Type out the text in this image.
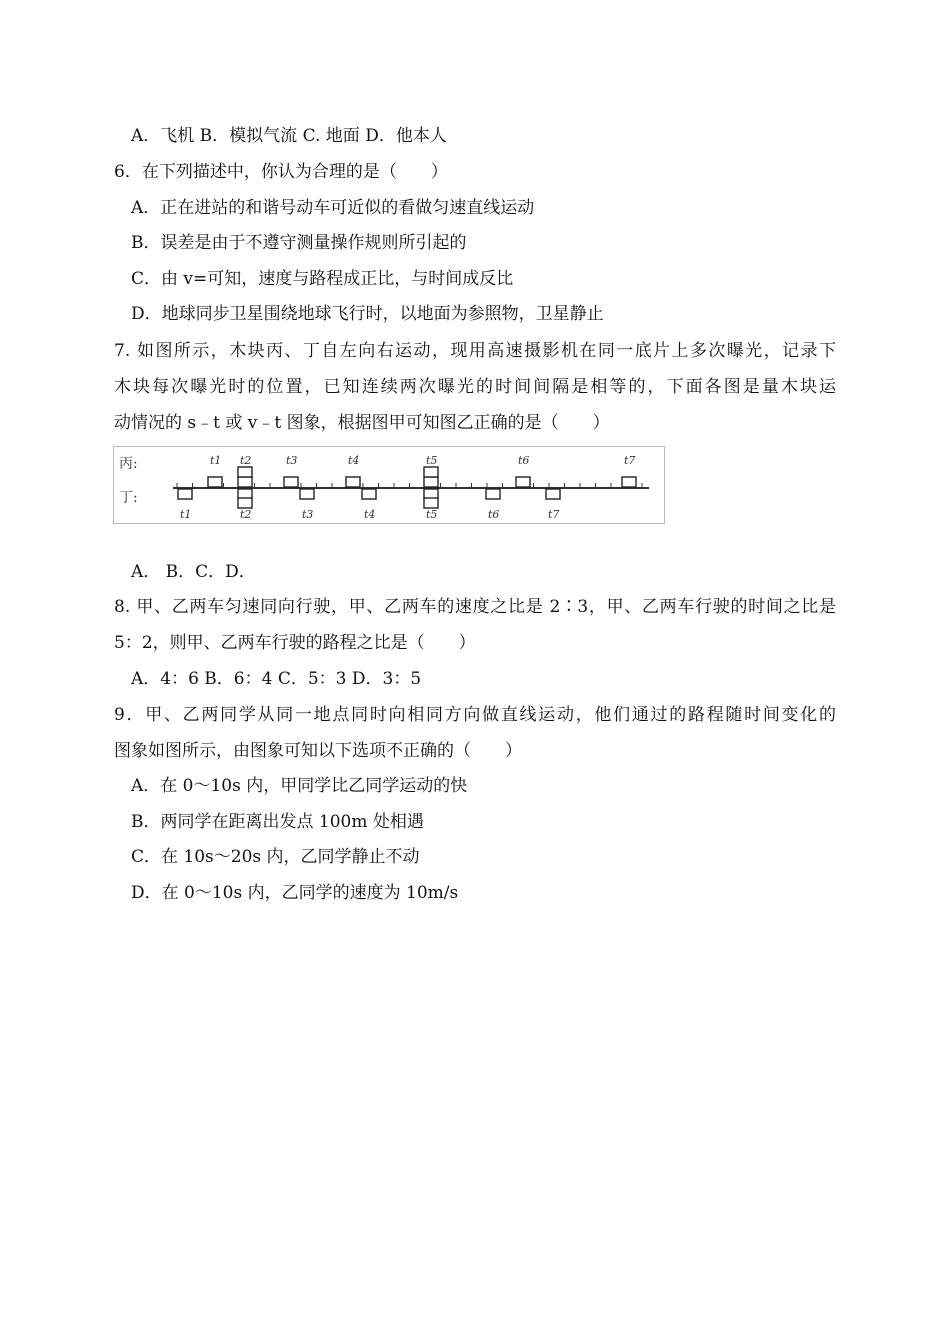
A．飞机 B．模拟气流 C. 地面 D．他本人
6．在下列描述中，你认为合理的是（　　）
A．正在进站的和谐号动车可近似的看做匀速直线运动
B．误差是由于不遵守测量操作规则所引起的
C．由 v=可知，速度与路程成正比，与时间成反比
D．地球同步卫星围绕地球飞行时，以地面为参照物，卫星静止
7. 如图所示，木块丙、丁自左向右运动，现用高速摄影机在同一底片上多次曝光，记录下
木块每次曝光时的位置，已知连续两次曝光的时间间隔是相等的，下面各图是量木块运
动情况的 s﹣t 或 v﹣t 图象，根据图甲可知图乙正确的是（　　）
丙:
丁:
t1 t2	t3	t4	t5	t6	t7
t1	t2	t3	t4	t5	t6	t7
A． B．C．D．
8. 甲、乙两车匀速同向行驶，甲、乙两车的速度之比是 2∶3，甲、乙两车行驶的时间之比是
5：2，则甲、乙两车行驶的路程之比是（　　）
A．4：6 B．6：4 C．5：3 D．3：5
9．甲、乙两同学从同一地点同时向相同方向做直线运动，他们通过的路程随时间变化的
图象如图所示，由图象可知以下选项不正确的（　　）
A．在 0～10s 内，甲同学比乙同学运动的快
B．两同学在距离出发点 100m 处相遇
C．在 10s～20s 内，乙同学静止不动
D．在 0～10s 内，乙同学的速度为 10m/s
